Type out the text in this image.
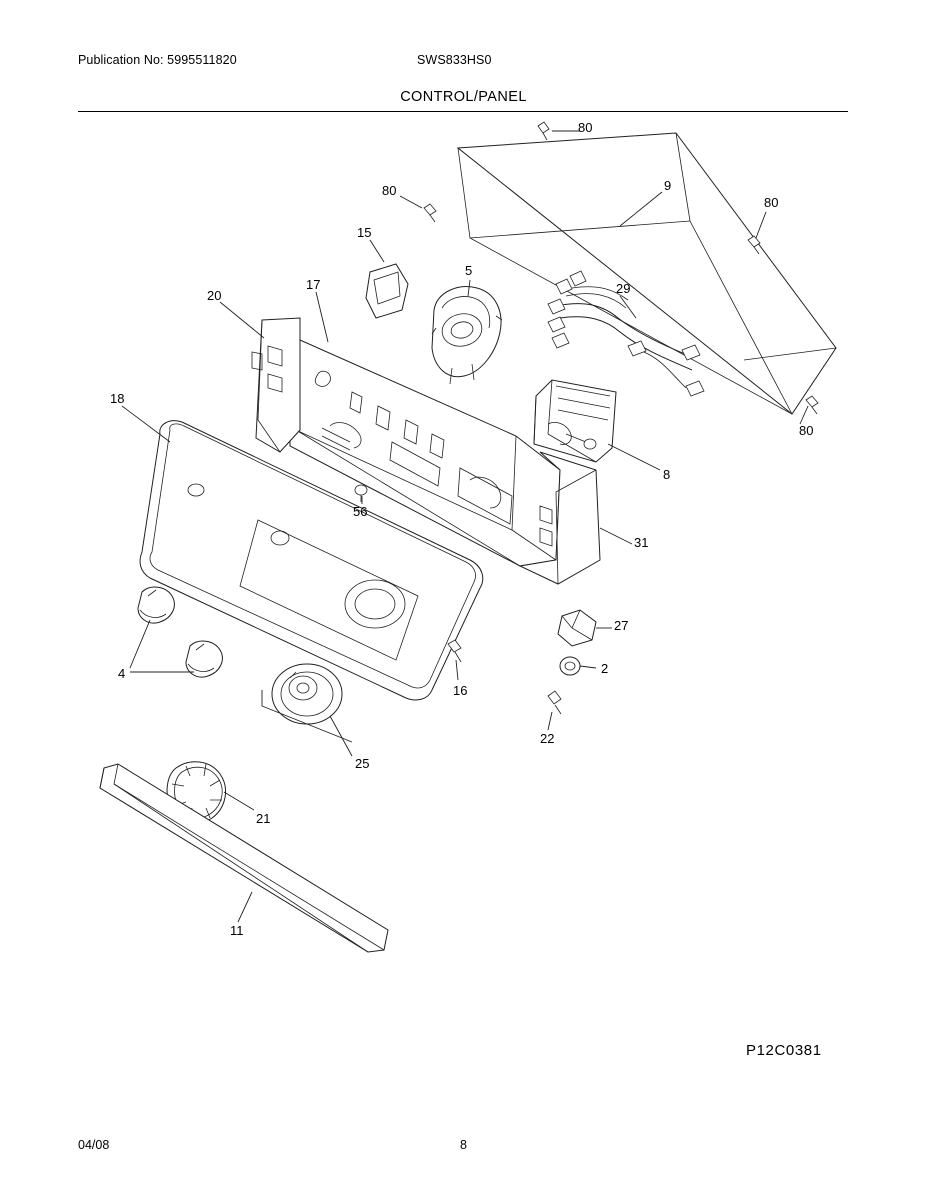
Publication No: 5995511820	SWS833HS0
CONTROL/PANEL
80
9
80
80
15
5
29
17
20
18
80
8
31
56
27
2
4
16
22
25
21
11
P12C0381
04/08	8
